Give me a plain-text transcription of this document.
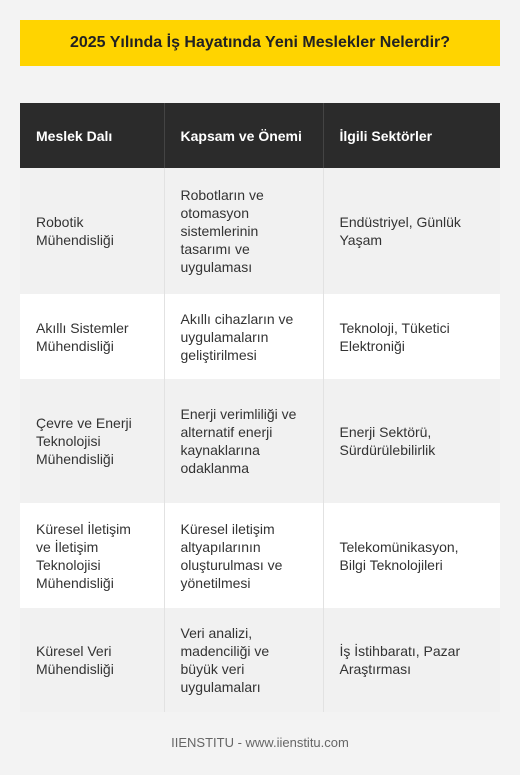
2025 Yılında İş Hayatında Yeni Meslekler Nelerdir?
Meslek Dalı	Kapsam ve Önemi	İlgili Sektörler
Robotik Mühendisliği	Robotların ve otomasyon sistemlerinin tasarımı ve uygulaması	Endüstriyel, Günlük Yaşam
Akıllı Sistemler Mühendisliği	Akıllı cihazların ve uygulamaların geliştirilmesi	Teknoloji, Tüketici Elektroniği
Çevre ve Enerji Teknolojisi Mühendisliği	Enerji verimliliği ve alternatif enerji kaynaklarına odaklanma	Enerji Sektörü, Sürdürülebilirlik
Küresel İletişim ve İletişim Teknolojisi Mühendisliği	Küresel iletişim altyapılarının oluşturulması ve yönetilmesi	Telekomünikasyon, Bilgi Teknolojileri
Küresel Veri Mühendisliği	Veri analizi, madenciliği ve büyük veri uygulamaları	İş İstihbaratı, Pazar Araştırması
IIENSTITU - www.iienstitu.com
